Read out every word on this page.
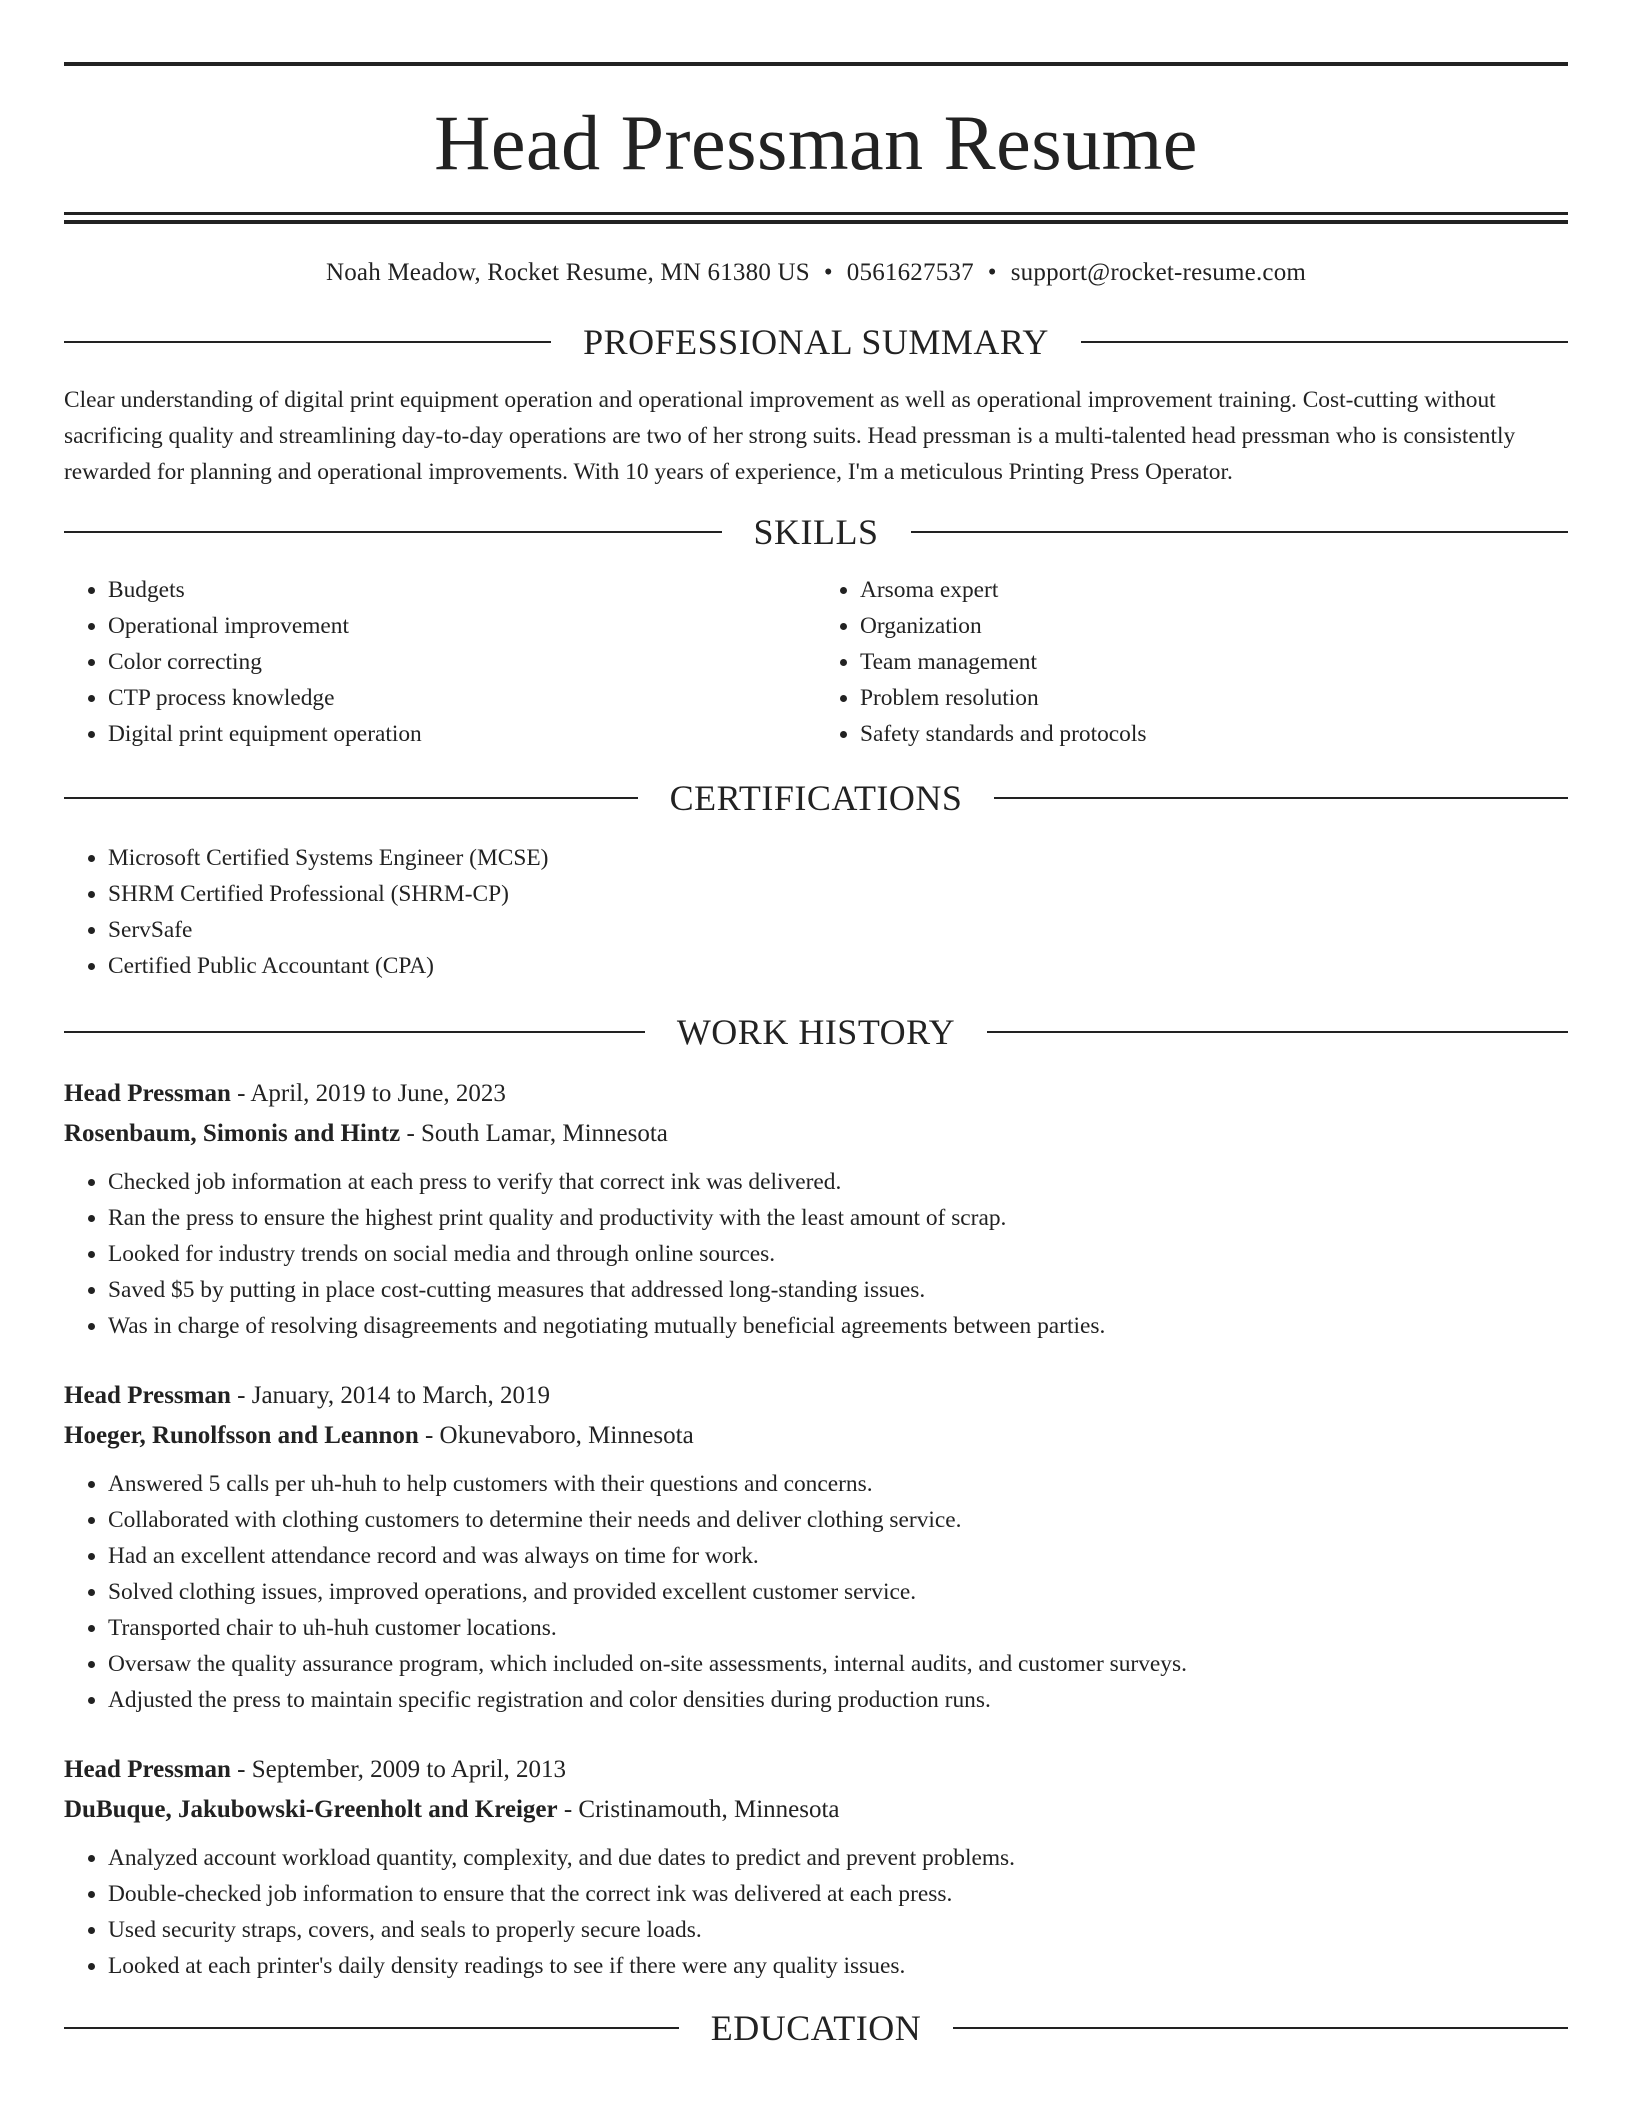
Head Pressman Resume
Noah Meadow, Rocket Resume, MN 61380 US • 0561627537 • support@rocket-resume.com
PROFESSIONAL SUMMARY
Clear understanding of digital print equipment operation and operational improvement as well as operational improvement training. Cost-cutting without sacrificing quality and streamlining day-to-day operations are two of her strong suits. Head pressman is a multi-talented head pressman who is consistently rewarded for planning and operational improvements. With 10 years of experience, I'm a meticulous Printing Press Operator.
SKILLS
• Budgets
• Operational improvement
• Color correcting
• CTP process knowledge
• Digital print equipment operation
• Arsoma expert
• Organization
• Team management
• Problem resolution
• Safety standards and protocols
CERTIFICATIONS
• Microsoft Certified Systems Engineer (MCSE)
• SHRM Certified Professional (SHRM-CP)
• ServSafe
• Certified Public Accountant (CPA)
WORK HISTORY
Head Pressman - April, 2019 to June, 2023
Rosenbaum, Simonis and Hintz - South Lamar, Minnesota
• Checked job information at each press to verify that correct ink was delivered.
• Ran the press to ensure the highest print quality and productivity with the least amount of scrap.
• Looked for industry trends on social media and through online sources.
• Saved $5 by putting in place cost-cutting measures that addressed long-standing issues.
• Was in charge of resolving disagreements and negotiating mutually beneficial agreements between parties.
Head Pressman - January, 2014 to March, 2019
Hoeger, Runolfsson and Leannon - Okunevaboro, Minnesota
• Answered 5 calls per uh-huh to help customers with their questions and concerns.
• Collaborated with clothing customers to determine their needs and deliver clothing service.
• Had an excellent attendance record and was always on time for work.
• Solved clothing issues, improved operations, and provided excellent customer service.
• Transported chair to uh-huh customer locations.
• Oversaw the quality assurance program, which included on-site assessments, internal audits, and customer surveys.
• Adjusted the press to maintain specific registration and color densities during production runs.
Head Pressman - September, 2009 to April, 2013
DuBuque, Jakubowski-Greenholt and Kreiger - Cristinamouth, Minnesota
• Analyzed account workload quantity, complexity, and due dates to predict and prevent problems.
• Double-checked job information to ensure that the correct ink was delivered at each press.
• Used security straps, covers, and seals to properly secure loads.
• Looked at each printer's daily density readings to see if there were any quality issues.
EDUCATION
